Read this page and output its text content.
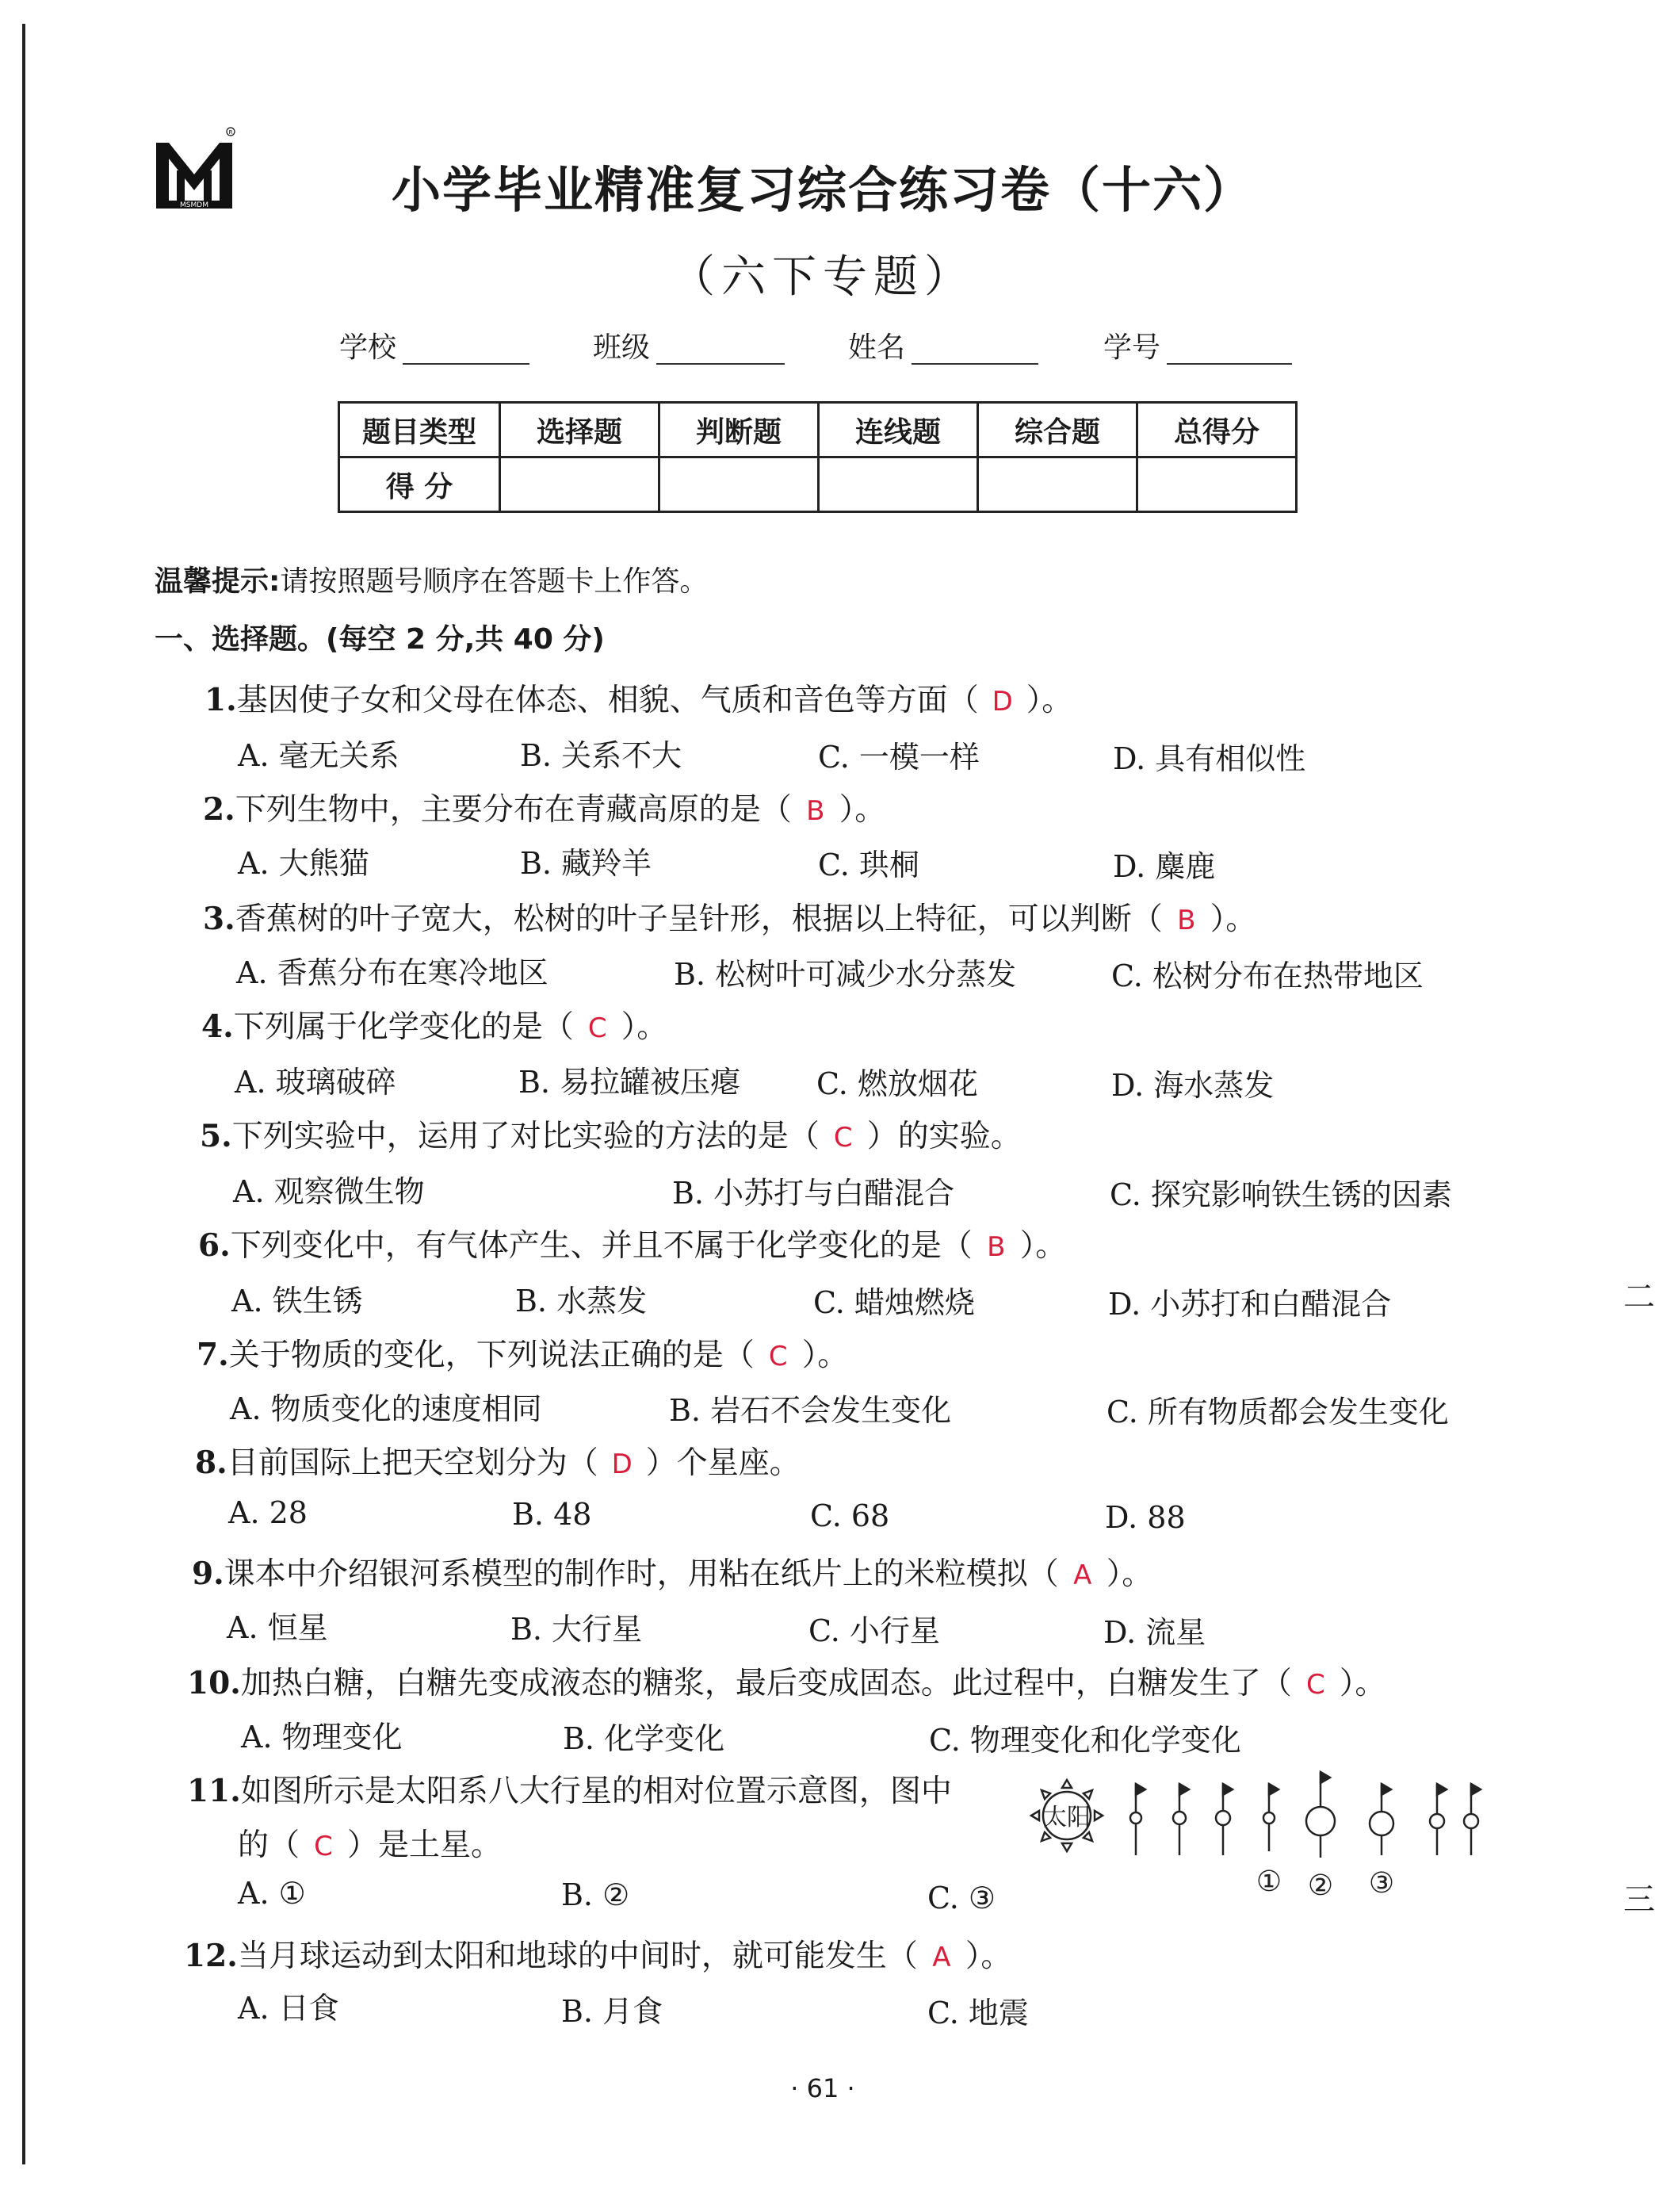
MSMDM
R
小学毕业精准复习综合练习卷（十六）
（六下专题）
学校	班级	姓名	学号
题目类型	选择题	判断题	连线题	综合题	总得分
得 分					
温馨提示:请按照题号顺序在答题卡上作答。
一、选择题。(每空 2 分,共 40 分)
1.基因使子女和父母在体态、相貌、气质和音色等方面（ D ）。
A. 毫无关系	B. 关系不大	C. 一模一样	D. 具有相似性
2.下列生物中，主要分布在青藏高原的是（ B ）。
A. 大熊猫	B. 藏羚羊	C. 珙桐	D. 麋鹿
3.香蕉树的叶子宽大，松树的叶子呈针形，根据以上特征，可以判断（ B ）。
A. 香蕉分布在寒冷地区	B. 松树叶可减少水分蒸发	C. 松树分布在热带地区
4.下列属于化学变化的是（ C ）。
A. 玻璃破碎	B. 易拉罐被压瘪	C. 燃放烟花	D. 海水蒸发
5.下列实验中，运用了对比实验的方法的是（ C ）的实验。
A. 观察微生物	B. 小苏打与白醋混合	C. 探究影响铁生锈的因素
6.下列变化中，有气体产生、并且不属于化学变化的是（ B ）。
A. 铁生锈	B. 水蒸发	C. 蜡烛燃烧	D. 小苏打和白醋混合
7.关于物质的变化，下列说法正确的是（ C ）。
A. 物质变化的速度相同	B. 岩石不会发生变化	C. 所有物质都会发生变化
8.目前国际上把天空划分为（ D ）个星座。
A. 28	B. 48	C. 68	D. 88
9.课本中介绍银河系模型的制作时，用粘在纸片上的米粒模拟（ A ）。
A. 恒星	B. 大行星	C. 小行星	D. 流星
10.加热白糖，白糖先变成液态的糖浆，最后变成固态。此过程中，白糖发生了（ C ）。
A. 物理变化	B. 化学变化	C. 物理变化和化学变化
11.如图所示是太阳系八大行星的相对位置示意图，图中
的（ C ）是土星。
A. ①	B. ②	C. ③
太阳
① ② ③
12.当月球运动到太阳和地球的中间时，就可能发生（ A ）。
A. 日食	B. 月食	C. 地震
· 61 ·
二
三
